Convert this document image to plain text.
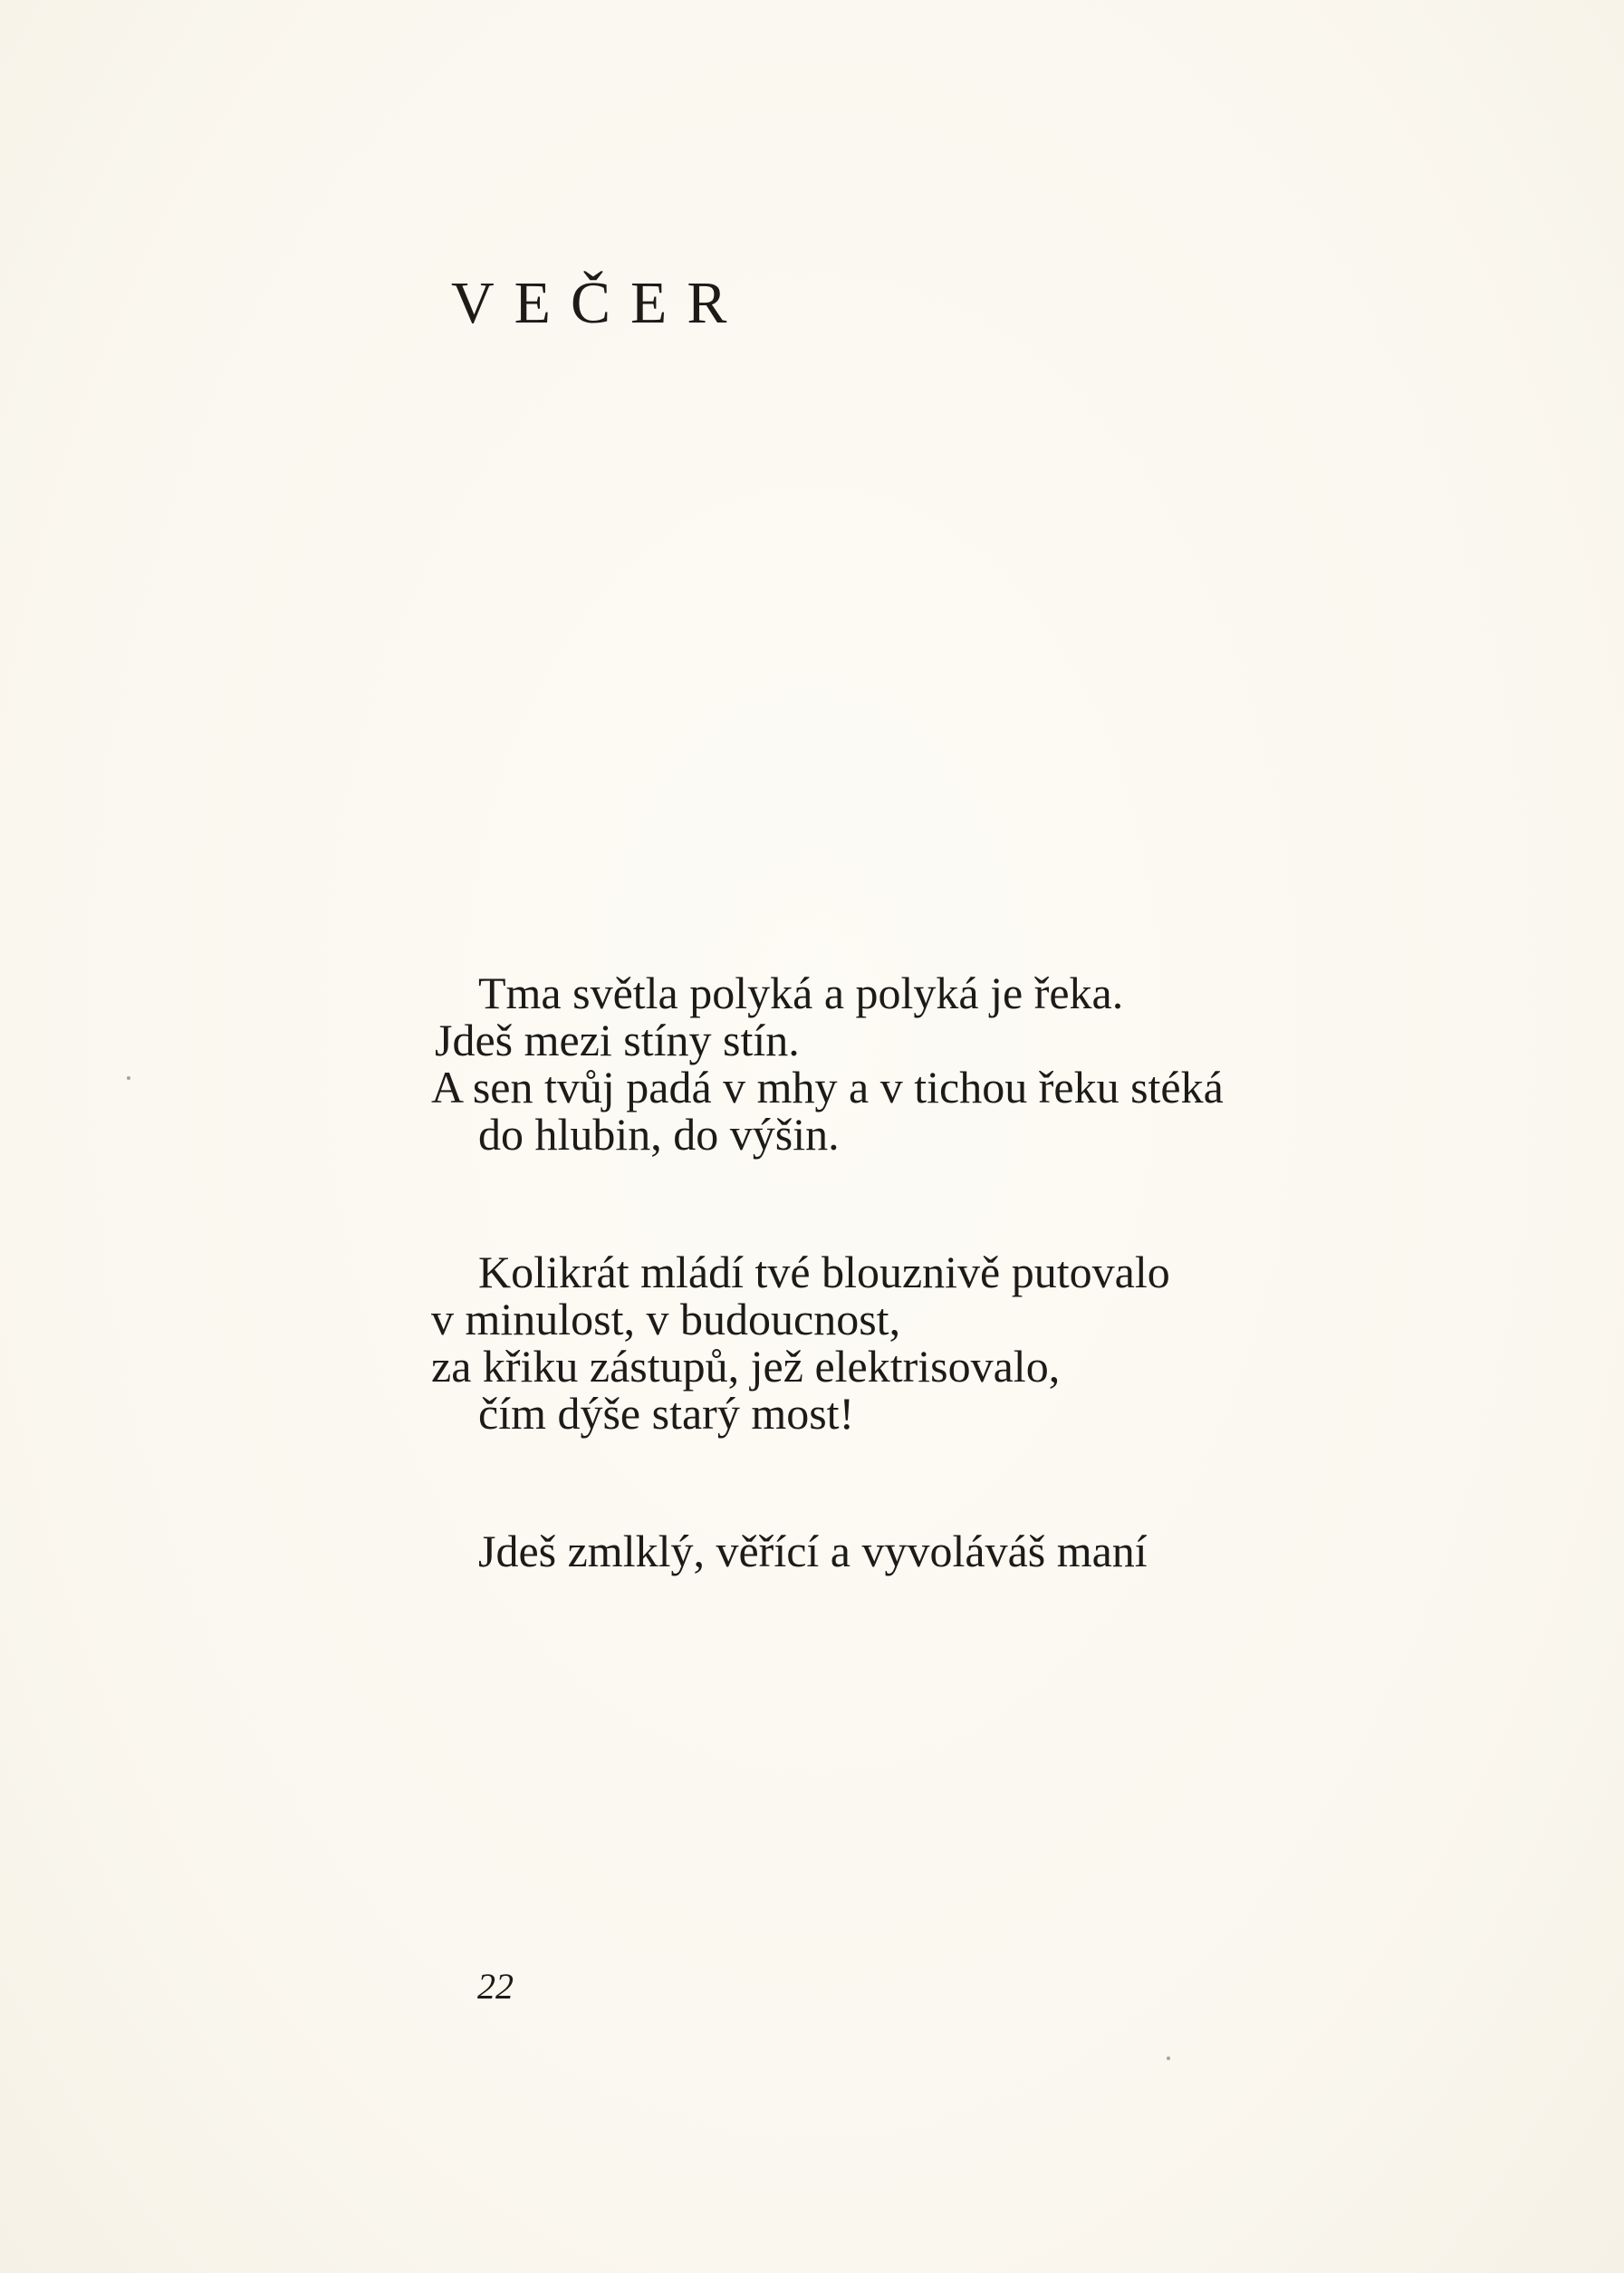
VEČER
Tma světla polyká a polyká je řeka.
Jdeš mezi stíny stín.
A sen tvůj padá v mhy a v tichou řeku stéká
do hlubin, do výšin.
Kolikrát mládí tvé blouznivě putovalo
v minulost, v budoucnost,
za křiku zástupů, jež elektrisovalo,
čím dýše starý most!
Jdeš zmlklý, věřící a vyvoláváš maní
22
